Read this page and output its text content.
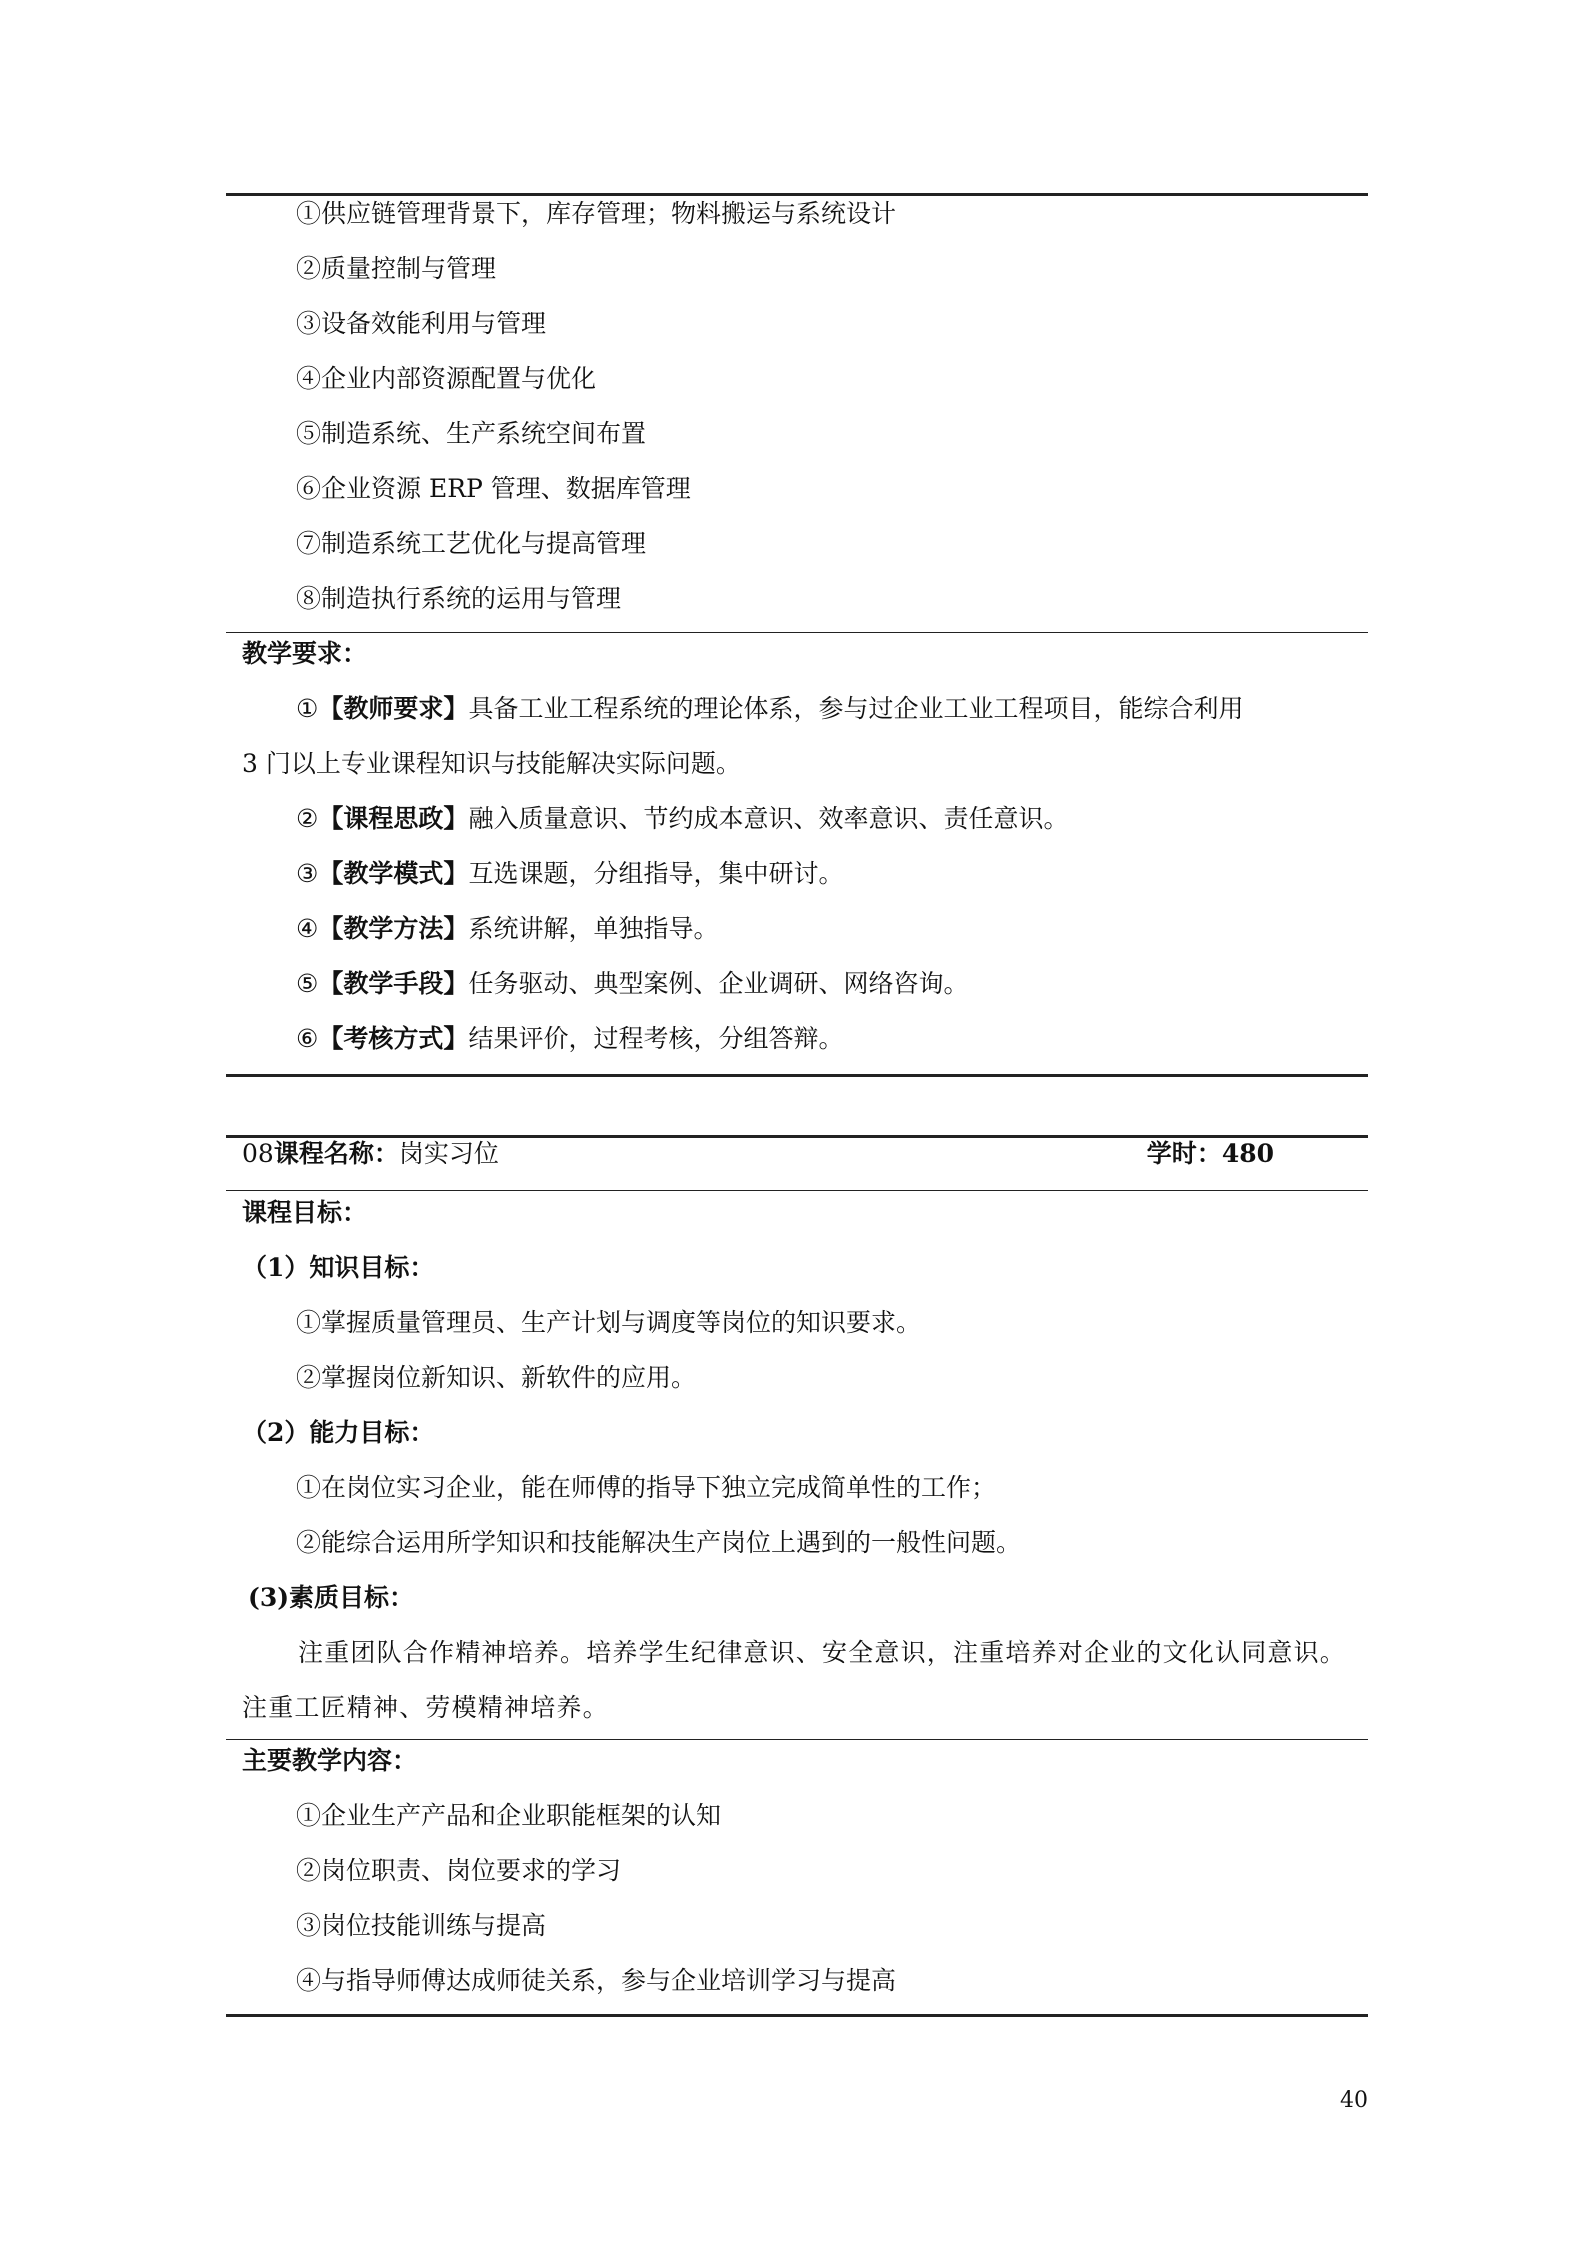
①供应链管理背景下，库存管理；物料搬运与系统设计
②质量控制与管理
③设备效能利用与管理
④企业内部资源配置与优化
⑤制造系统、生产系统空间布置
⑥企业资源 ERP 管理、数据库管理
⑦制造系统工艺优化与提高管理
⑧制造执行系统的运用与管理
教学要求：
①【教师要求】具备工业工程系统的理论体系，参与过企业工业工程项目，能综合利用
3 门以上专业课程知识与技能解决实际问题。
②【课程思政】融入质量意识、节约成本意识、效率意识、责任意识。
③【教学模式】互选课题，分组指导，集中研讨。
④【教学方法】系统讲解，单独指导。
⑤【教学手段】任务驱动、典型案例、企业调研、网络咨询。
⑥【考核方式】结果评价，过程考核，分组答辩。
08课程名称：岗实习位	学时：480
课程目标：
（1）知识目标：
①掌握质量管理员、生产计划与调度等岗位的知识要求。
②掌握岗位新知识、新软件的应用。
（2）能力目标：
①在岗位实习企业，能在师傅的指导下独立完成简单性的工作；
②能综合运用所学知识和技能解决生产岗位上遇到的一般性问题。
(3)素质目标：
注重团队合作精神培养。培养学生纪律意识、安全意识，注重培养对企业的文化认同意识。注重工匠精神、劳模精神培养。
主要教学内容：
①企业生产产品和企业职能框架的认知
②岗位职责、岗位要求的学习
③岗位技能训练与提高
④与指导师傅达成师徒关系，参与企业培训学习与提高
40
